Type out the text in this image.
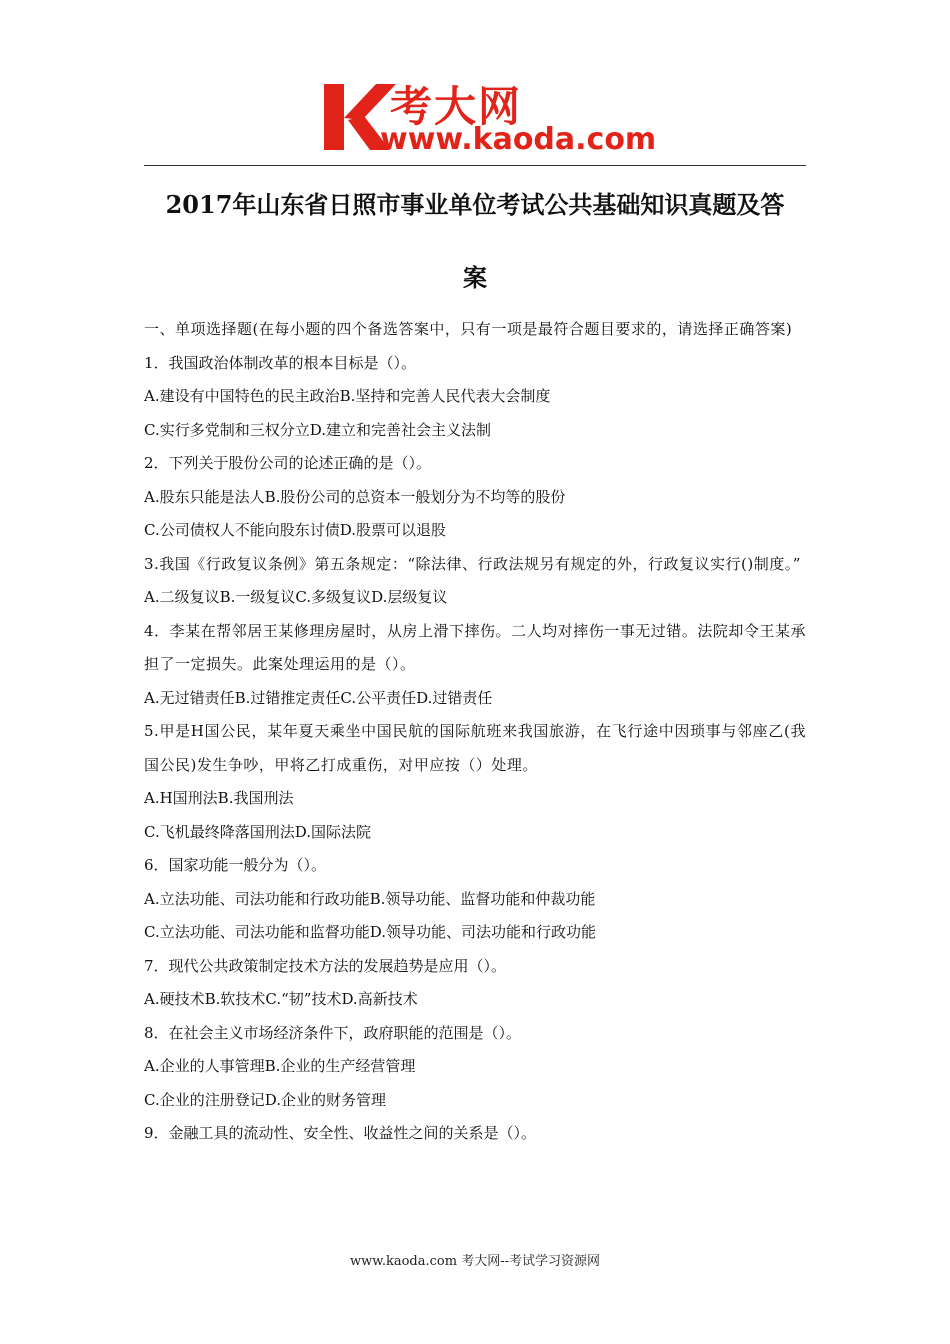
考大网
www.kaoda.com
2017年山东省日照市事业单位考试公共基础知识真题及答
案
一、单项选择题(在每小题的四个备选答案中，只有一项是最符合题目要求的，请选择正确答案)
1．我国政治体制改革的根本目标是（）。
A.建设有中国特色的民主政治B.坚持和完善人民代表大会制度
C.实行多党制和三权分立D.建立和完善社会主义法制
2．下列关于股份公司的论述正确的是（）。
A.股东只能是法人B.股份公司的总资本一般划分为不均等的股份
C.公司债权人不能向股东讨债D.股票可以退股
3.我国《行政复议条例》第五条规定：“除法律、行政法规另有规定的外，行政复议实行()制度。”
A.二级复议B.一级复议C.多级复议D.层级复议
4．李某在帮邻居王某修理房屋时，从房上滑下摔伤。二人均对摔伤一事无过错。法院却令王某承担了一定损失。此案处理运用的是（）。
A.无过错责任B.过错推定责任C.公平责任D.过错责任
5.甲是H国公民，某年夏天乘坐中国民航的国际航班来我国旅游，在飞行途中因琐事与邻座乙(我国公民)发生争吵，甲将乙打成重伤，对甲应按（）处理。
A.H国刑法B.我国刑法
C.飞机最终降落国刑法D.国际法院
6．国家功能一般分为（）。
A.立法功能、司法功能和行政功能B.领导功能、监督功能和仲裁功能
C.立法功能、司法功能和监督功能D.领导功能、司法功能和行政功能
7．现代公共政策制定技术方法的发展趋势是应用（）。
A.硬技术B.软技术C.“韧”技术D.高新技术
8．在社会主义市场经济条件下，政府职能的范围是（）。
A.企业的人事管理B.企业的生产经营管理
C.企业的注册登记D.企业的财务管理
9．金融工具的流动性、安全性、收益性之间的关系是（）。
www.kaoda.com 考大网--考试学习资源网
